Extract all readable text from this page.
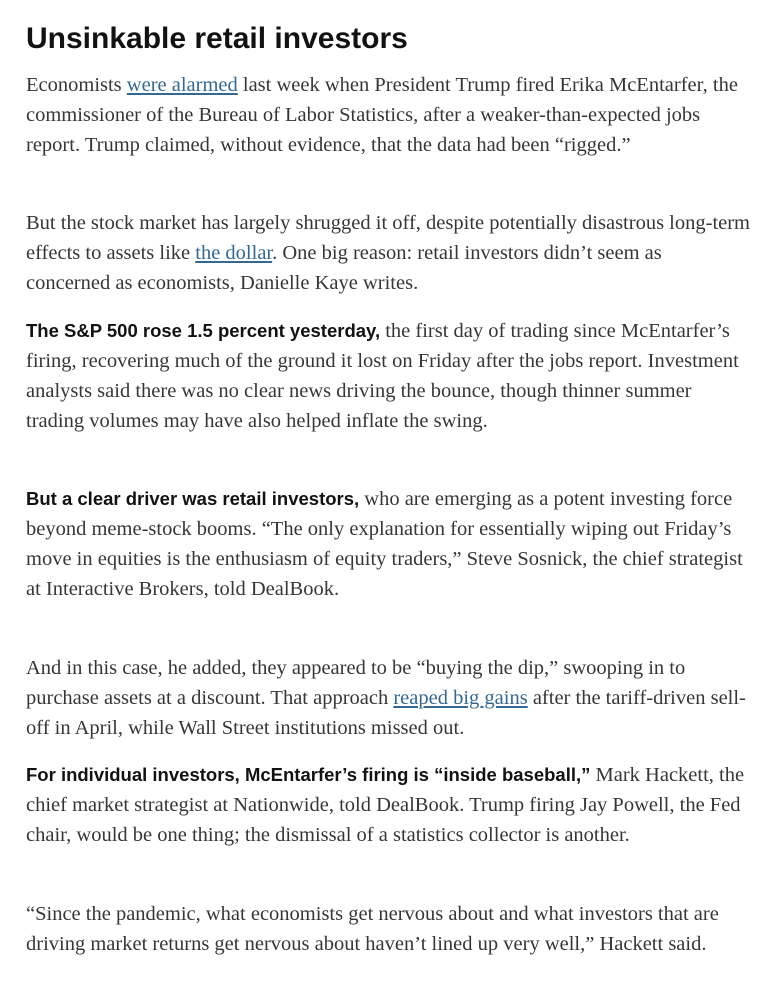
Unsinkable retail investors

Economists were alarmed last week when President Trump fired Erika McEntarfer, the commissioner of the Bureau of Labor Statistics, after a weaker-than-expected jobs report. Trump claimed, without evidence, that the data had been “rigged.”

But the stock market has largely shrugged it off, despite potentially disastrous long-term effects to assets like the dollar. One big reason: retail investors didn’t seem as concerned as economists, Danielle Kaye writes.

The S&P 500 rose 1.5 percent yesterday, the first day of trading since McEntarfer’s firing, recovering much of the ground it lost on Friday after the jobs report. Investment analysts said there was no clear news driving the bounce, though thinner summer trading volumes may have also helped inflate the swing.

But a clear driver was retail investors, who are emerging as a potent investing force beyond meme-stock booms. “The only explanation for essentially wiping out Friday’s move in equities is the enthusiasm of equity traders,” Steve Sosnick, the chief strategist at Interactive Brokers, told DealBook.

And in this case, he added, they appeared to be “buying the dip,” swooping in to purchase assets at a discount. That approach reaped big gains after the tariff-driven sell-off in April, while Wall Street institutions missed out.

For individual investors, McEntarfer’s firing is “inside baseball,” Mark Hackett, the chief market strategist at Nationwide, told DealBook. Trump firing Jay Powell, the Fed chair, would be one thing; the dismissal of a statistics collector is another.

“Since the pandemic, what economists get nervous about and what investors that are driving market returns get nervous about haven’t lined up very well,” Hackett said.
